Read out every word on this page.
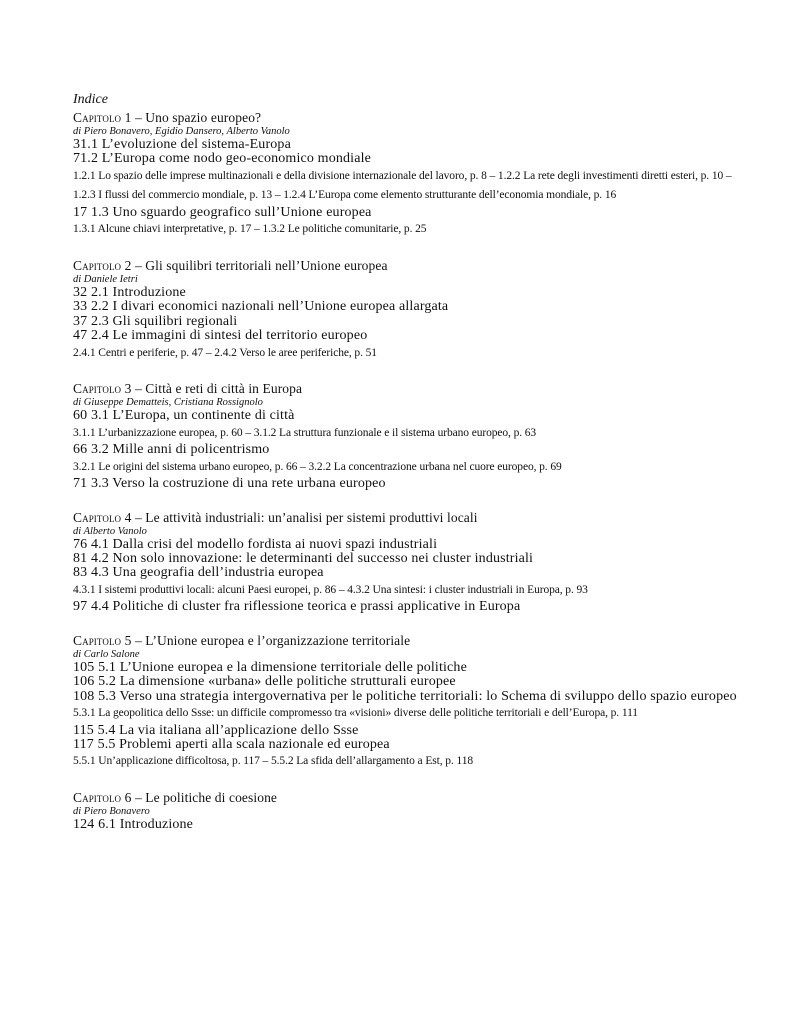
Indice
Capitolo 1 – Uno spazio europeo?
di Piero Bonavero, Egidio Dansero, Alberto Vanolo
31.1 L’evoluzione del sistema-Europa
71.2 L’Europa come nodo geo-economico mondiale
1.2.1 Lo spazio delle imprese multinazionali e della divisione internazionale del lavoro, p. 8 – 1.2.2 La rete degli investimenti diretti esteri, p. 10 – 1.2.3 I flussi del commercio mondiale, p. 13 – 1.2.4 L’Europa come elemento strutturante dell’economia mondiale, p. 16
17 1.3 Uno sguardo geografico sull’Unione europea
1.3.1 Alcune chiavi interpretative, p. 17 – 1.3.2 Le politiche comunitarie, p. 25
Capitolo 2 – Gli squilibri territoriali nell’Unione europea
di Daniele Ietri
32 2.1 Introduzione
33 2.2 I divari economici nazionali nell’Unione europea allargata
37 2.3 Gli squilibri regionali
47 2.4 Le immagini di sintesi del territorio europeo
2.4.1 Centri e periferie, p. 47 – 2.4.2 Verso le aree periferiche, p. 51
Capitolo 3 – Città e reti di città in Europa
di Giuseppe Dematteis, Cristiana Rossignolo
60 3.1 L’Europa, un continente di città
3.1.1 L’urbanizzazione europea, p. 60 – 3.1.2 La struttura funzionale e il sistema urbano europeo, p. 63
66 3.2 Mille anni di policentrismo
3.2.1 Le origini del sistema urbano europeo, p. 66 – 3.2.2 La concentrazione urbana nel cuore europeo, p. 69
71 3.3 Verso la costruzione di una rete urbana europeo
Capitolo 4 – Le attività industriali: un’analisi per sistemi produttivi locali
di Alberto Vanolo
76 4.1 Dalla crisi del modello fordista ai nuovi spazi industriali
81 4.2 Non solo innovazione: le determinanti del successo nei cluster industriali
83 4.3 Una geografia dell’industria europea
4.3.1 I sistemi produttivi locali: alcuni Paesi europei, p. 86 – 4.3.2 Una sintesi: i cluster industriali in Europa, p. 93
97 4.4 Politiche di cluster fra riflessione teorica e prassi applicative in Europa
Capitolo 5 – L’Unione europea e l’organizzazione territoriale
di Carlo Salone
105 5.1 L’Unione europea e la dimensione territoriale delle politiche
106 5.2 La dimensione «urbana» delle politiche strutturali europee
108 5.3 Verso una strategia intergovernativa per le politiche territoriali: lo Schema di sviluppo dello spazio europeo
5.3.1 La geopolitica dello Ssse: un difficile compromesso tra «visioni» diverse delle politiche territoriali e dell’Europa, p. 111
115 5.4 La via italiana all’applicazione dello Ssse
117 5.5 Problemi aperti alla scala nazionale ed europea
5.5.1 Un’applicazione difficoltosa, p. 117 – 5.5.2 La sfida dell’allargamento a Est, p. 118
Capitolo 6 – Le politiche di coesione
di Piero Bonavero
124 6.1 Introduzione
